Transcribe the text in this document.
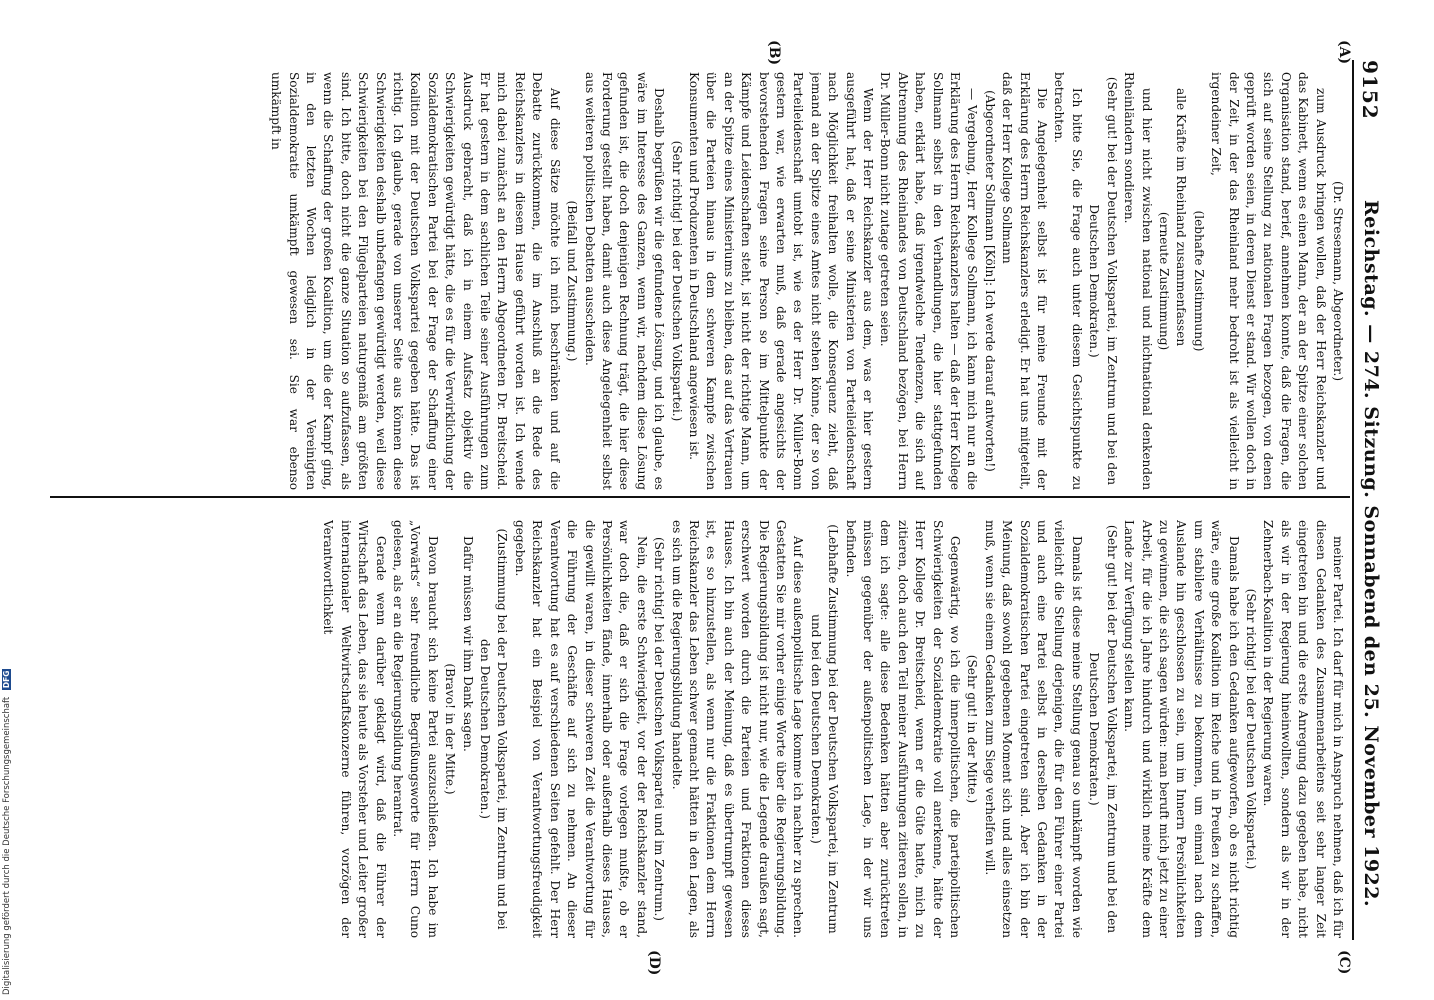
9152
Reichstag. — 274. Sitzung. Sonnabend den 25. November 1922.
(A)
(B)
(C)
(D)

(Dr. Stresemann, Abgeordneter.)

zum Ausdruck bringen wollen, daß der Herr Reichskanzler und das Kabinett, wenn es einen Mann, der an der Spitze einer solchen Organisation stand, berief, annehmen konnte, daß die Fragen, die sich auf seine Stellung zu nationalen Fragen bezogen, von denen geprüft worden seien, in deren Dienst er stand. Wir wollen doch in der Zeit, in der das Rheinland mehr bedroht ist als vielleicht in irgendeiner Zeit,

(lebhafte Zustimmung)

alle Kräfte im Rheinland zusammenfassen

(erneute Zustimmung)

und hier nicht zwischen national und nichtnational denkenden Rheinländern sondieren.

(Sehr gut! bei der Deutschen Volkspartei, im Zentrum und bei den Deutschen Demokraten.)

Ich bitte Sie, die Frage auch unter diesem Gesichtspunkte zu betrachten.

Die Angelegenheit selbst ist für meine Freunde mit der Erklärung des Herrn Reichskanzlers erledigt. Er hat uns mitgeteilt, daß der Herr Kollege Sollmann

(Abgeordneter Sollmann [Köln]: Ich werde darauf antworten!)

— Vergebung, Herr Kollege Sollmann, ich kann mich nur an die Erklärung des Herrn Reichskanzlers halten — daß der Herr Kollege Sollmann selbst in den Verhandlungen, die hier stattgefunden haben, erklärt habe, daß irgendwelche Tendenzen, die sich auf Abtrennung des Rheinlandes von Deutschland bezögen, bei Herrn Dr. Müller-Bonn nicht zutage getreten seien.

Wenn der Herr Reichskanzler aus dem, was er hier gestern ausgeführt hat, daß er seine Ministerien von Parteileidenschaft nach Möglichkeit freihalten wolle, die Konsequenz zieht, daß jemand an der Spitze eines Amtes nicht stehen könne, der so von Parteileidenschaft umtobt ist, wie es der Herr Dr. Müller-Bonn gestern war, wie erwarten muß, daß gerade angesichts der bevorstehenden Fragen seine Person so im Mittelpunkte der Kämpfe und Leidenschaften steht, ist nicht der richtige Mann, um an der Spitze eines Ministeriums zu bleiben, das auf das Vertrauen über die Parteien hinaus in dem schweren Kampfe zwischen Konsumenten und Produzenten in Deutschland angewiesen ist.

(Sehr richtig! bei der Deutschen Volkspartei.)

Deshalb begrüßen wir die gefundene Lösung, und ich glaube, es wäre im Interesse des Ganzen, wenn wir, nachdem diese Lösung gefunden ist, die doch denjenigen Rechnung trägt, die hier diese Forderung gestellt haben, damit auch diese Angelegenheit selbst aus weiteren politischen Debatten ausscheiden.

(Beifall und Zustimmung.)

Auf diese Sätze möchte ich mich beschränken und auf die Debatte zurückkommen, die im Anschluß an die Rede des Reichskanzlers in diesem Hause geführt worden ist. Ich wende mich dabei zunächst an den Herrn Abgeordneten Dr. Breitscheid. Er hat gestern in dem sachlichen Teile seiner Ausführungen zum Ausdruck gebracht, daß ich in einem Aufsatz objektiv die Schwierigkeiten gewürdigt hätte, die es für die Verwirklichung der Sozialdemokratischen Partei bei der Frage der Schaffung einer Koalition mit der Deutschen Volkspartei gegeben hätte. Das ist richtig. Ich glaube, gerade von unserer Seite aus können diese Schwierigkeiten deshalb unbefangen gewürdigt werden, weil diese Schwierigkeiten bei den Flügelparteien naturgemäß am größten sind. Ich bitte, doch nicht die ganze Situation so aufzufassen, als wenn die Schaffung der großen Koalition, um die der Kampf ging, in den letzten Wochen lediglich in der Vereinigten Sozialdemokratie umkämpft gewesen sei. Sie war ebenso umkämpft in

meiner Partei. Ich darf für mich in Anspruch nehmen, daß ich für diesen Gedanken des Zusammenarbeitens seit sehr langer Zeit eingetreten bin und die erste Anregung dazu gegeben habe, nicht als wir in der Regierung hineinwollten, sondern als wir in der Zehnerbach-Koalition in der Regierung waren.

(Sehr richtig! bei der Deutschen Volkspartei.)

Damals habe ich den Gedanken aufgeworfen, ob es nicht richtig wäre, eine große Koalition im Reiche und in Preußen zu schaffen, um stabilere Verhältnisse zu bekommen, um einmal nach dem Auslande hin geschlossen zu sein, um im Innern Persönlichkeiten zu gewinnen, die sich sagen würden: man beruft mich jetzt zu einer Arbeit, für die ich Jahre hindurch und wirklich meine Kräfte dem Lande zur Verfügung stellen kann.

(Sehr gut! bei der Deutschen Volkspartei, im Zentrum und bei den Deutschen Demokraten.)

Damals ist diese meine Stellung genau so umkämpft worden wie vielleicht die Stellung derjenigen, die für den Führer einer Partei und auch eine Partei selbst in derselben Gedanken in der Sozialdemokratischen Partei eingetreten sind. Aber ich bin der Meinung, daß sowohl gegebenen Moment sich und alles einsetzen muß, wenn sie einem Gedanken zum Siege verhelfen will.

(Sehr gut! in der Mitte.)

Gegenwärtig, wo ich die innerpolitischen, die parteipolitischen Schwierigkeiten der Sozialdemokratie voll anerkenne, hätte der Herr Kollege Dr. Breitscheid, wenn er die Güte hatte, mich zu zitieren, doch auch den Teil meiner Ausführungen zitieren sollen, in dem ich sagte: alle diese Bedenken hätten aber zurücktreten müssen gegenüber der außenpolitischen Lage, in der wir uns befinden.

(Lebhafte Zustimmung bei der Deutschen Volkspartei, im Zentrum und bei den Deutschen Demokraten.)

Auf diese außenpolitische Lage komme ich nachher zu sprechen. Gestatten Sie mir vorher einige Worte über die Regierungsbildung. Die Regierungsbildung ist nicht nur, wie die Legende draußen sagt, erschwert worden durch die Parteien und Fraktionen dieses Hauses. Ich bin auch der Meinung, daß es übertrumpft gewesen ist, es so hinzustellen, als wenn nur die Fraktionen dem Herrn Reichskanzler das Leben schwer gemacht hätten in den Lagen, als es sich um die Regierungsbildung handelte.

(Sehr richtig! bei der Deutschen Volkspartei und im Zentrum.)

Nein, die erste Schwierigkeit, vor der der Reichskanzler stand, war doch die, daß er sich die Frage vorlegen mußte, ob er Persönlichkeiten fände, innerhalb oder außerhalb dieses Hauses, die gewillt waren, in dieser schweren Zeit die Verantwortung für die Führung der Geschäfte auf sich zu nehmen. An dieser Verantwortung hat es auf verschiedenen Seiten gefehlt. Der Herr Reichskanzler hat ein Beispiel von Verantwortungsfreudigkeit gegeben.

(Zustimmung bei der Deutschen Volkspartei, im Zentrum und bei den Deutschen Demokraten.)

Dafür müssen wir ihm Dank sagen.

(Bravo! in der Mitte.)

Davon braucht sich keine Partei auszuschließen. Ich habe im „Vorwärts“ sehr freundliche Begrüßungsworte für Herrn Cuno gelesen, als er an die Regierungsbildung herantrat.

Gerade wenn darüber geklagt wird, daß die Führer der Wirtschaft das Leben, das sie heute als Vorsteher und Leiter großer internationaler Weltwirtschaftskonzerne führen, vorzögen der Verantwortlichkeit

Digitalisierung gefördert durch die Deutsche Forschungsgemeinschaft DFG
